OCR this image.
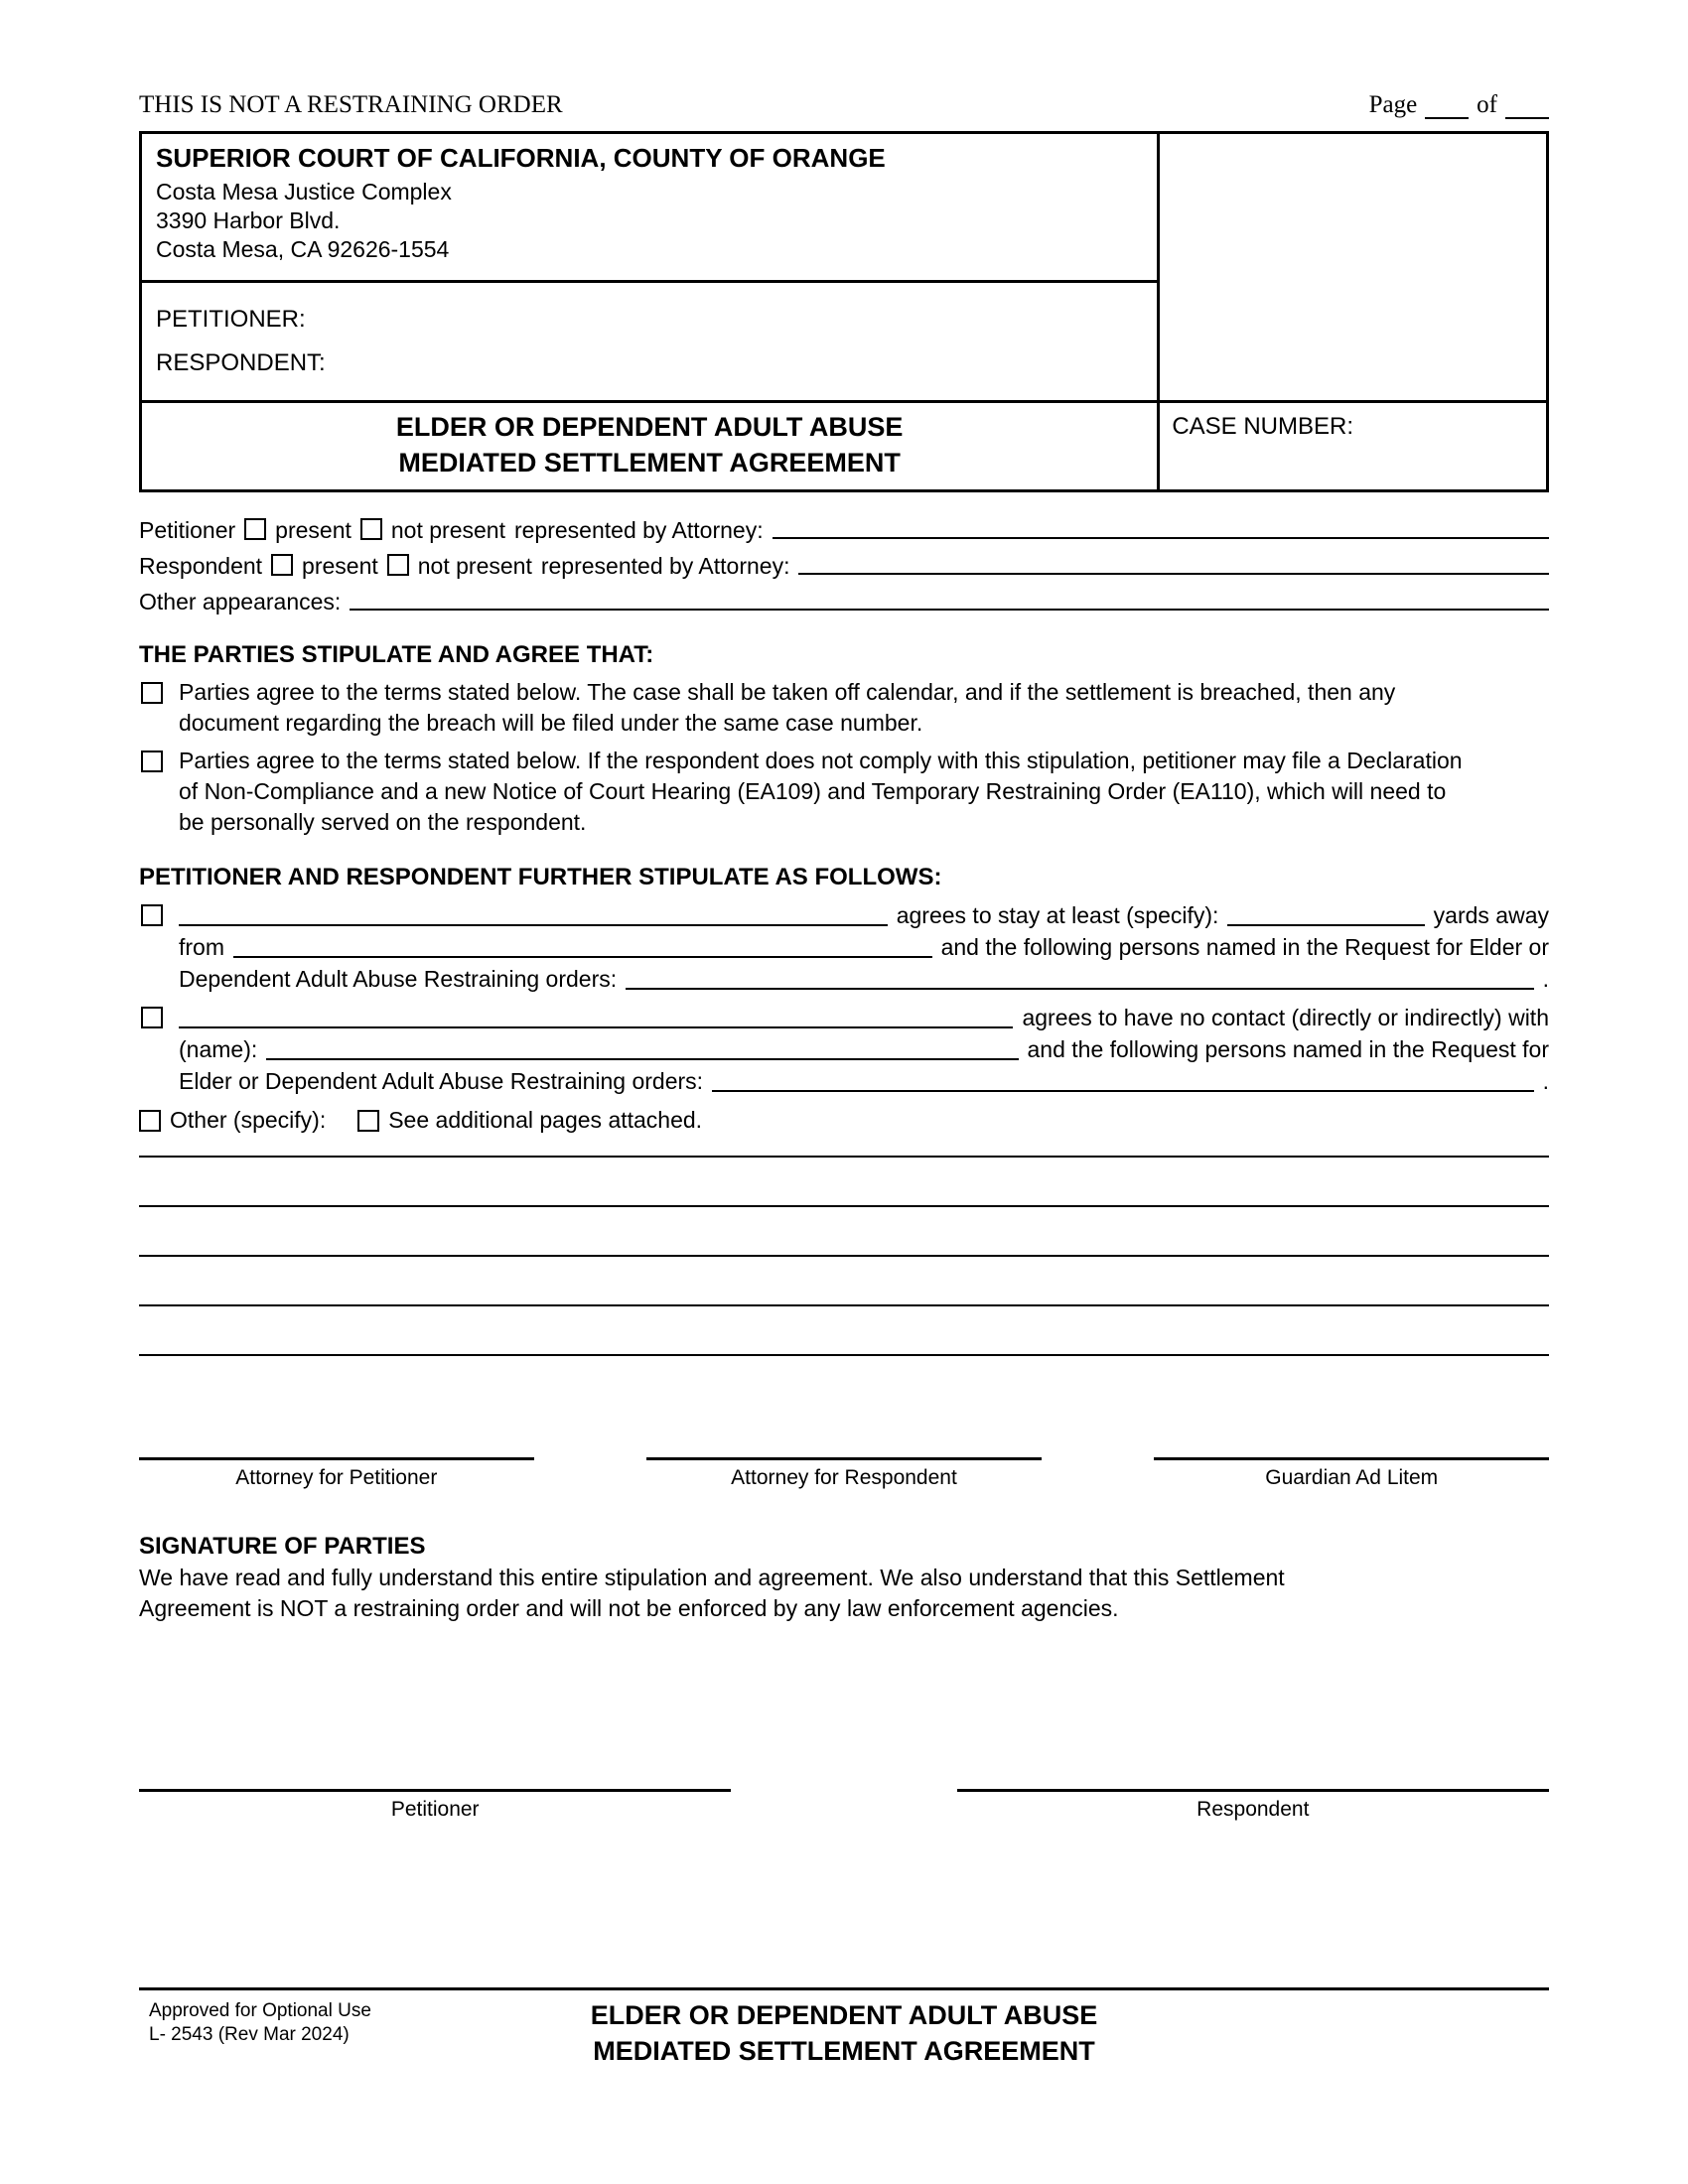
THIS IS NOT A RESTRAINING ORDER	Page of
SUPERIOR COURT OF CALIFORNIA, COUNTY OF ORANGE
Costa Mesa Justice Complex
3390 Harbor Blvd.
Costa Mesa, CA 92626-1554
PETITIONER:
RESPONDENT:
ELDER OR DEPENDENT ADULT ABUSE
MEDIATED SETTLEMENT AGREEMENT
CASE NUMBER:
Petitioner present not present represented by Attorney:
Respondent present not present represented by Attorney:
Other appearances:
THE PARTIES STIPULATE AND AGREE THAT:
Parties agree to the terms stated below. The case shall be taken off calendar, and if the settlement is breached, then any document regarding the breach will be filed under the same case number.
Parties agree to the terms stated below. If the respondent does not comply with this stipulation, petitioner may file a Declaration of Non-Compliance and a new Notice of Court Hearing (EA109) and Temporary Restraining Order (EA110), which will need to be personally served on the respondent.
PETITIONER AND RESPONDENT FURTHER STIPULATE AS FOLLOWS:
agrees to stay at least (specify):	yards away
from	and the following persons named in the Request for Elder or
Dependent Adult Abuse Restraining orders:	.
agrees to have no contact (directly or indirectly) with
(name):	and the following persons named in the Request for
Elder or Dependent Adult Abuse Restraining orders:	.
Other (specify):	See additional pages attached.
Attorney for Petitioner	Attorney for Respondent	Guardian Ad Litem
SIGNATURE OF PARTIES
We have read and fully understand this entire stipulation and agreement. We also understand that this Settlement Agreement is NOT a restraining order and will not be enforced by any law enforcement agencies.
Petitioner	Respondent
Approved for Optional Use
L- 2543 (Rev Mar 2024)
ELDER OR DEPENDENT ADULT ABUSE
MEDIATED SETTLEMENT AGREEMENT
